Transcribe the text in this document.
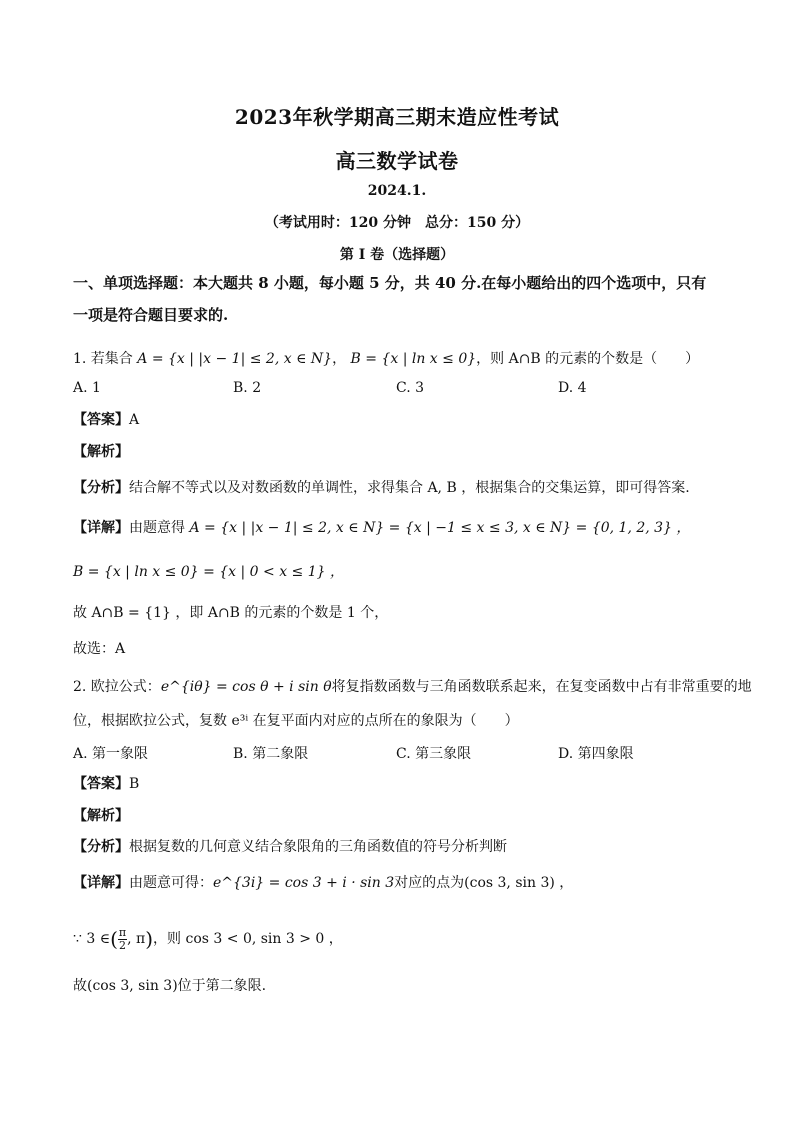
2023年秋学期高三期末造应性考试
高三数学试卷
2024.1.
（考试用时：120 分钟　总分：150 分）
第 I 卷（选择题）
一、单项选择题：本大题共 8 小题，每小题 5 分，共 40 分.在每小题给出的四个选项中，只有
一项是符合题目要求的.
1. 若集合 A = {x | |x − 1| ≤ 2, x ∈ N}， B = {x | ln x ≤ 0}，则 A∩B 的元素的个数是（　　）
A. 1	B. 2	C. 3	D. 4
【答案】A
【解析】
【分析】结合解不等式以及对数函数的单调性，求得集合 A, B ，根据集合的交集运算，即可得答案.
【详解】由题意得 A = {x | |x − 1| ≤ 2, x ∈ N} = {x | −1 ≤ x ≤ 3, x ∈ N} = {0, 1, 2, 3} ，
B = {x | ln x ≤ 0} = {x | 0 < x ≤ 1} ，
故 A∩B = {1} ，即 A∩B 的元素的个数是 1 个，
故选：A
2. 欧拉公式：e^{iθ} = cos θ + i sin θ将复指数函数与三角函数联系起来，在复变函数中占有非常重要的地
位，根据欧拉公式，复数 e³ⁱ 在复平面内对应的点所在的象限为（　　）
A. 第一象限	B. 第二象限	C. 第三象限	D. 第四象限
【答案】B
【解析】
【分析】根据复数的几何意义结合象限角的三角函数值的符号分析判断
【详解】由题意可得：e^{3i} = cos 3 + i · sin 3对应的点为(cos 3, sin 3) ，
∵ 3 ∈( $\frac{\pi}{2}$ , π)，则 cos 3 < 0, sin 3 > 0 ，
故(cos 3, sin 3)位于第二象限.
